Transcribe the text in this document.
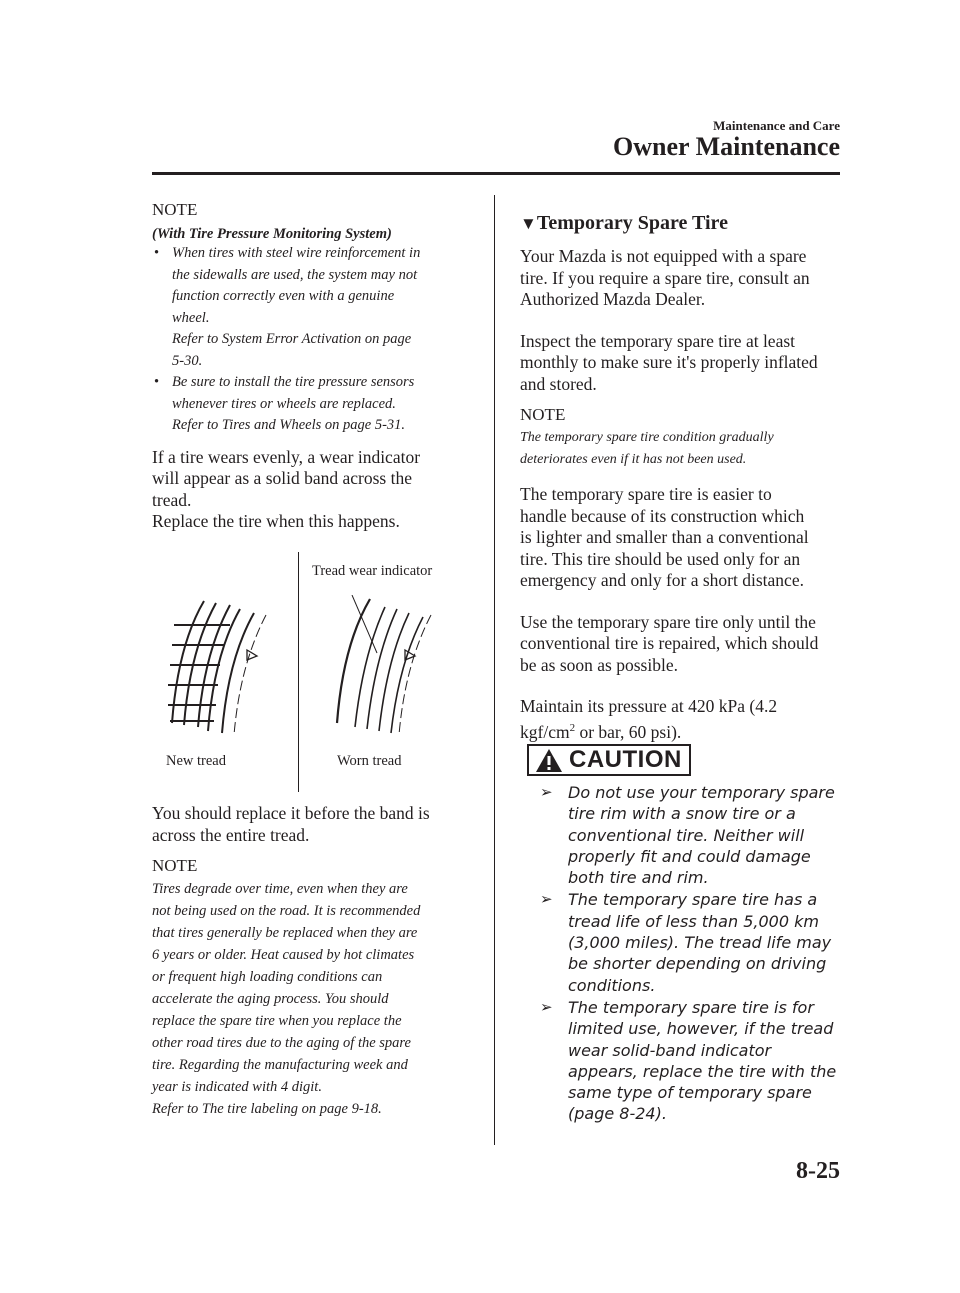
Maintenance and Care
Owner Maintenance
NOTE
(With Tire Pressure Monitoring System)
• When tires with steel wire reinforcement in
the sidewalls are used, the system may not
function correctly even with a genuine
wheel.
Refer to System Error Activation on page
5-30.
• Be sure to install the tire pressure sensors
whenever tires or wheels are replaced.
Refer to Tires and Wheels on page 5-31.
If a tire wears evenly, a wear indicator
will appear as a solid band across the
tread.
Replace the tire when this happens.
Tread wear indicator
New tread	Worn tread
You should replace it before the band is
across the entire tread.
NOTE
Tires degrade over time, even when they are
not being used on the road. It is recommended
that tires generally be replaced when they are
6 years or older. Heat caused by hot climates
or frequent high loading conditions can
accelerate the aging process. You should
replace the spare tire when you replace the
other road tires due to the aging of the spare
tire. Regarding the manufacturing week and
year is indicated with 4 digit.
Refer to The tire labeling on page 9-18.
▼Temporary Spare Tire
Your Mazda is not equipped with a spare
tire. If you require a spare tire, consult an
Authorized Mazda Dealer.
Inspect the temporary spare tire at least
monthly to make sure it's properly inflated
and stored.
NOTE
The temporary spare tire condition gradually
deteriorates even if it has not been used.
The temporary spare tire is easier to
handle because of its construction which
is lighter and smaller than a conventional
tire. This tire should be used only for an
emergency and only for a short distance.
Use the temporary spare tire only until the
conventional tire is repaired, which should
be as soon as possible.
Maintain its pressure at 420 kPa (4.2
kgf/$cm^2$ or bar, 60 psi).
CAUTION
➢ Do not use your temporary spare
tire rim with a snow tire or a
conventional tire. Neither will
properly fit and could damage
both tire and rim.
➢ The temporary spare tire has a
tread life of less than 5,000 km
(3,000 miles). The tread life may
be shorter depending on driving
conditions.
➢ The temporary spare tire is for
limited use, however, if the tread
wear solid-band indicator
appears, replace the tire with the
same type of temporary spare
(page 8-24).
8-25
